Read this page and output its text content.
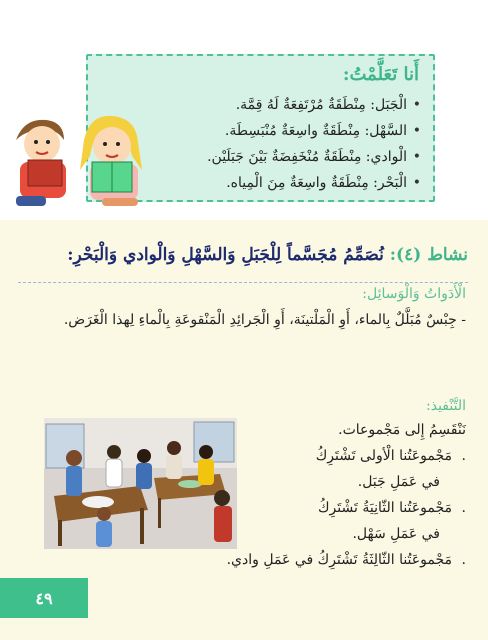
أَنا تَعَلَّمْتُ:
• الْجَبَل: مِنْطَقَةٌ مُرْتَفِعَةٌ لَهُ قِمَّة.
• السَّهْل: مِنْطَقَةٌ واسِعَةٌ مُنْبَسِطَة.
• الْوادي: مِنْطَقَةٌ مُنْخَفِضَةٌ بَيْنَ جَبَلَيْن.
• الْبَحْر: مِنْطَقَةٌ واسِعَةٌ مِنَ الْمِياه.
نشاط (٤): نُصَمِّمُ مُجَسَّماً لِلْجَبَلِ وَالسَّهْلِ وَالْوادي وَالْبَحْرِ:
الْأَدَواتُ وَالْوَسائِل:
- جِبْسٌ مُبَلَّلٌ بِالماء، أَوِ الْمَلْتينَة، أَوِ الْجَرائِدِ الْمَنْقوعَةِ بِالْماءِ لِهذا الْغَرَض.
التَّنْفيذ:
نَنْقَسِمُ إِلى مَجْموعات.
.مَجْموعَتُنا الْأولى تَشْتَرِكُ
في عَمَلِ جَبَل.
.مَجْموعَتُنا الثّانِيَةُ تَشْتَرِكُ
في عَمَلِ سَهْل.
.مَجْموعَتُنا الثّالِثَةُ تَشْتَرِكُ في عَمَلِ وادي.
٤٩
